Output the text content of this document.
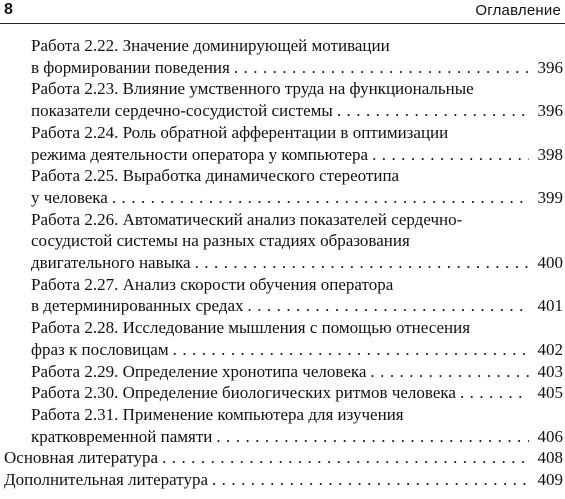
8	Оглавление
Работа 2.22. Значение доминирующей мотивации
в формировании поведения . . .	396
Работа 2.23. Влияние умственного труда на функциональные
показатели сердечно-сосудистой системы . . .	396
Работа 2.24. Роль обратной афферентации в оптимизации
режима деятельности оператора у компьютера . . .	398
Работа 2.25. Выработка динамического стереотипа
у человека . . .	399
Работа 2.26. Автоматический анализ показателей сердечно-
сосудистой системы на разных стадиях образования
двигательного навыка . . .	400
Работа 2.27. Анализ скорости обучения оператора
в детерминированных средах . . .	401
Работа 2.28. Исследование мышления с помощью отнесения
фраз к пословицам . . .	402
Работа 2.29. Определение хронотипа человека . . .	403
Работа 2.30. Определение биологических ритмов человека . . .	405
Работа 2.31. Применение компьютера для изучения
кратковременной памяти . . .	406
Основная литература . . .	408
Дополнительная литература . . .	409
